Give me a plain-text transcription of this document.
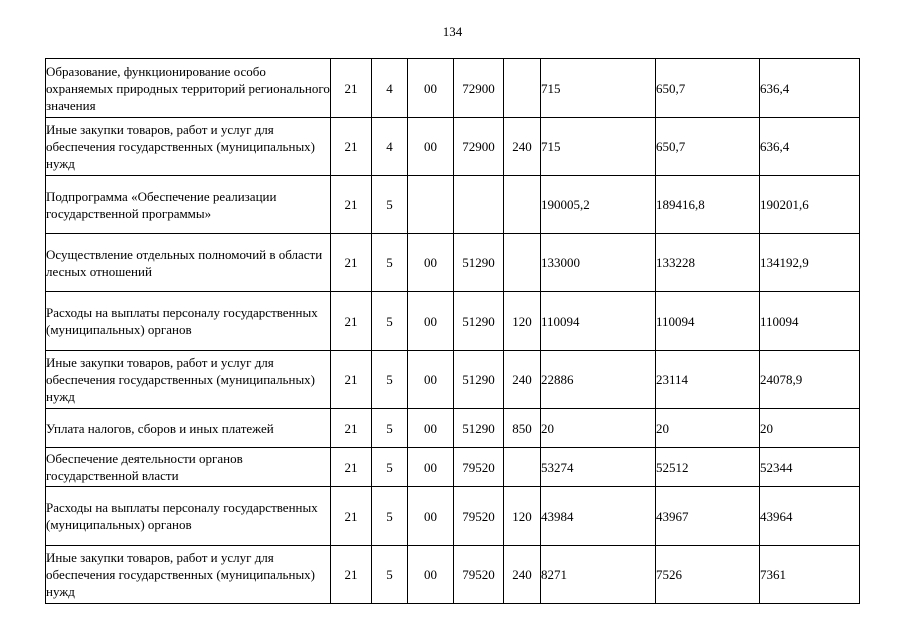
134
Образование, функционирование особо охраняемых природных территорий регионального значения	21	4	00	72900		715	650,7	636,4
Иные закупки товаров, работ и услуг для обеспечения государственных (муниципальных) нужд	21	4	00	72900	240	715	650,7	636,4
Подпрограмма «Обеспечение реализации государственной программы»	21	5				190005,2	189416,8	190201,6
Осуществление отдельных полномочий в области лесных отношений	21	5	00	51290		133000	133228	134192,9
Расходы на выплаты персоналу государственных (муниципальных) органов	21	5	00	51290	120	110094	110094	110094
Иные закупки товаров, работ и услуг для обеспечения государственных (муниципальных) нужд	21	5	00	51290	240	22886	23114	24078,9
Уплата налогов, сборов и иных платежей	21	5	00	51290	850	20	20	20
Обеспечение деятельности органов государственной власти	21	5	00	79520		53274	52512	52344
Расходы на выплаты персоналу государственных (муниципальных) органов	21	5	00	79520	120	43984	43967	43964
Иные закупки товаров, работ и услуг для обеспечения государственных (муниципальных) нужд	21	5	00	79520	240	8271	7526	7361
